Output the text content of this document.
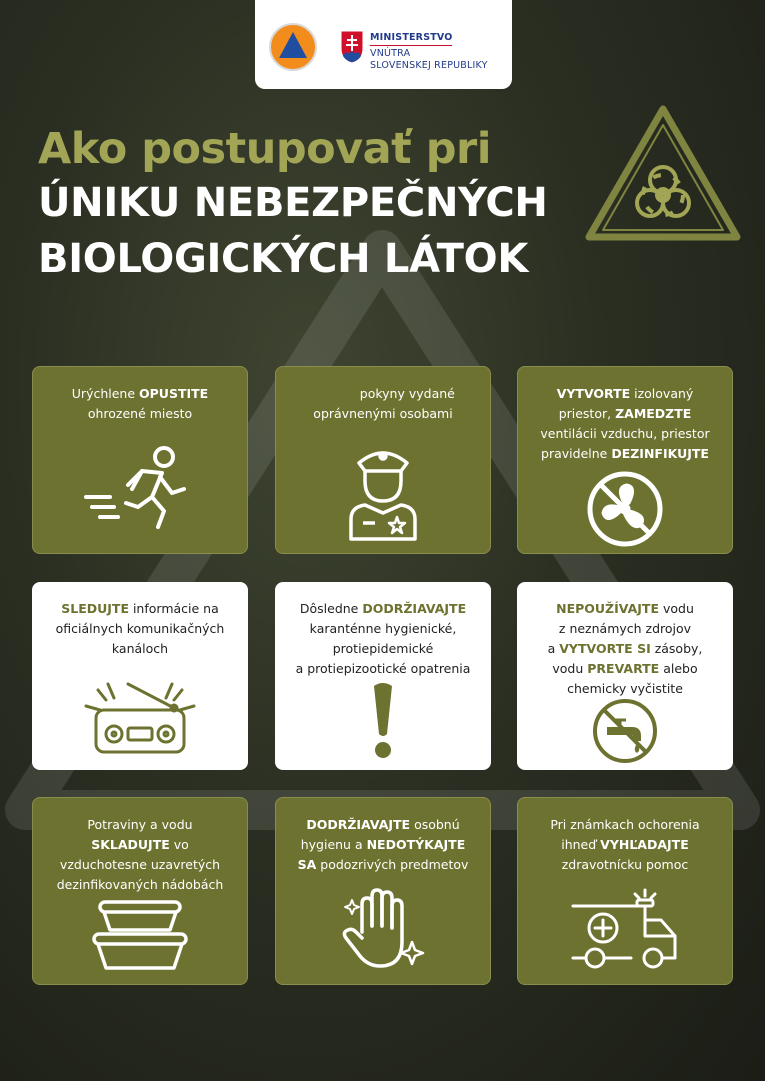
MINISTERSTVO
VNÚTRA
SLOVENSKEJ REPUBLIKY
Ako postupovať pri
ÚNIKU NEBEZPEČNÝCH
BIOLOGICKÝCH LÁTOK
Urýchlene OPUSTITE
ohrozené miesto
PLŇTE pokyny vydané
oprávnenými osobami
VYTVORTE izolovaný
priestor, ZAMEDZTE
ventilácii vzduchu, priestor
pravidelne DEZINFIKUJTE
SLEDUJTE informácie na
oficiálnych komunikačných
kanáloch
Dôsledne DODRŽIAVAJTE
karanténne hygienické,
protiepidemické
a protiepizootické opatrenia
NEPOUŽÍVAJTE vodu
z neznámych zdrojov
a VYTVORTE SI zásoby,
vodu PREVARTE alebo
chemicky vyčistite
Potraviny a vodu
SKLADUJTE vo
vzduchotesne uzavretých
dezinfikovaných nádobách
DODRŽIAVAJTE osobnú
hygienu a NEDOTÝKAJTE
SA podozrivých predmetov
Pri známkach ochorenia
ihneď VYHĽADAJTE
zdravotnícku pomoc
